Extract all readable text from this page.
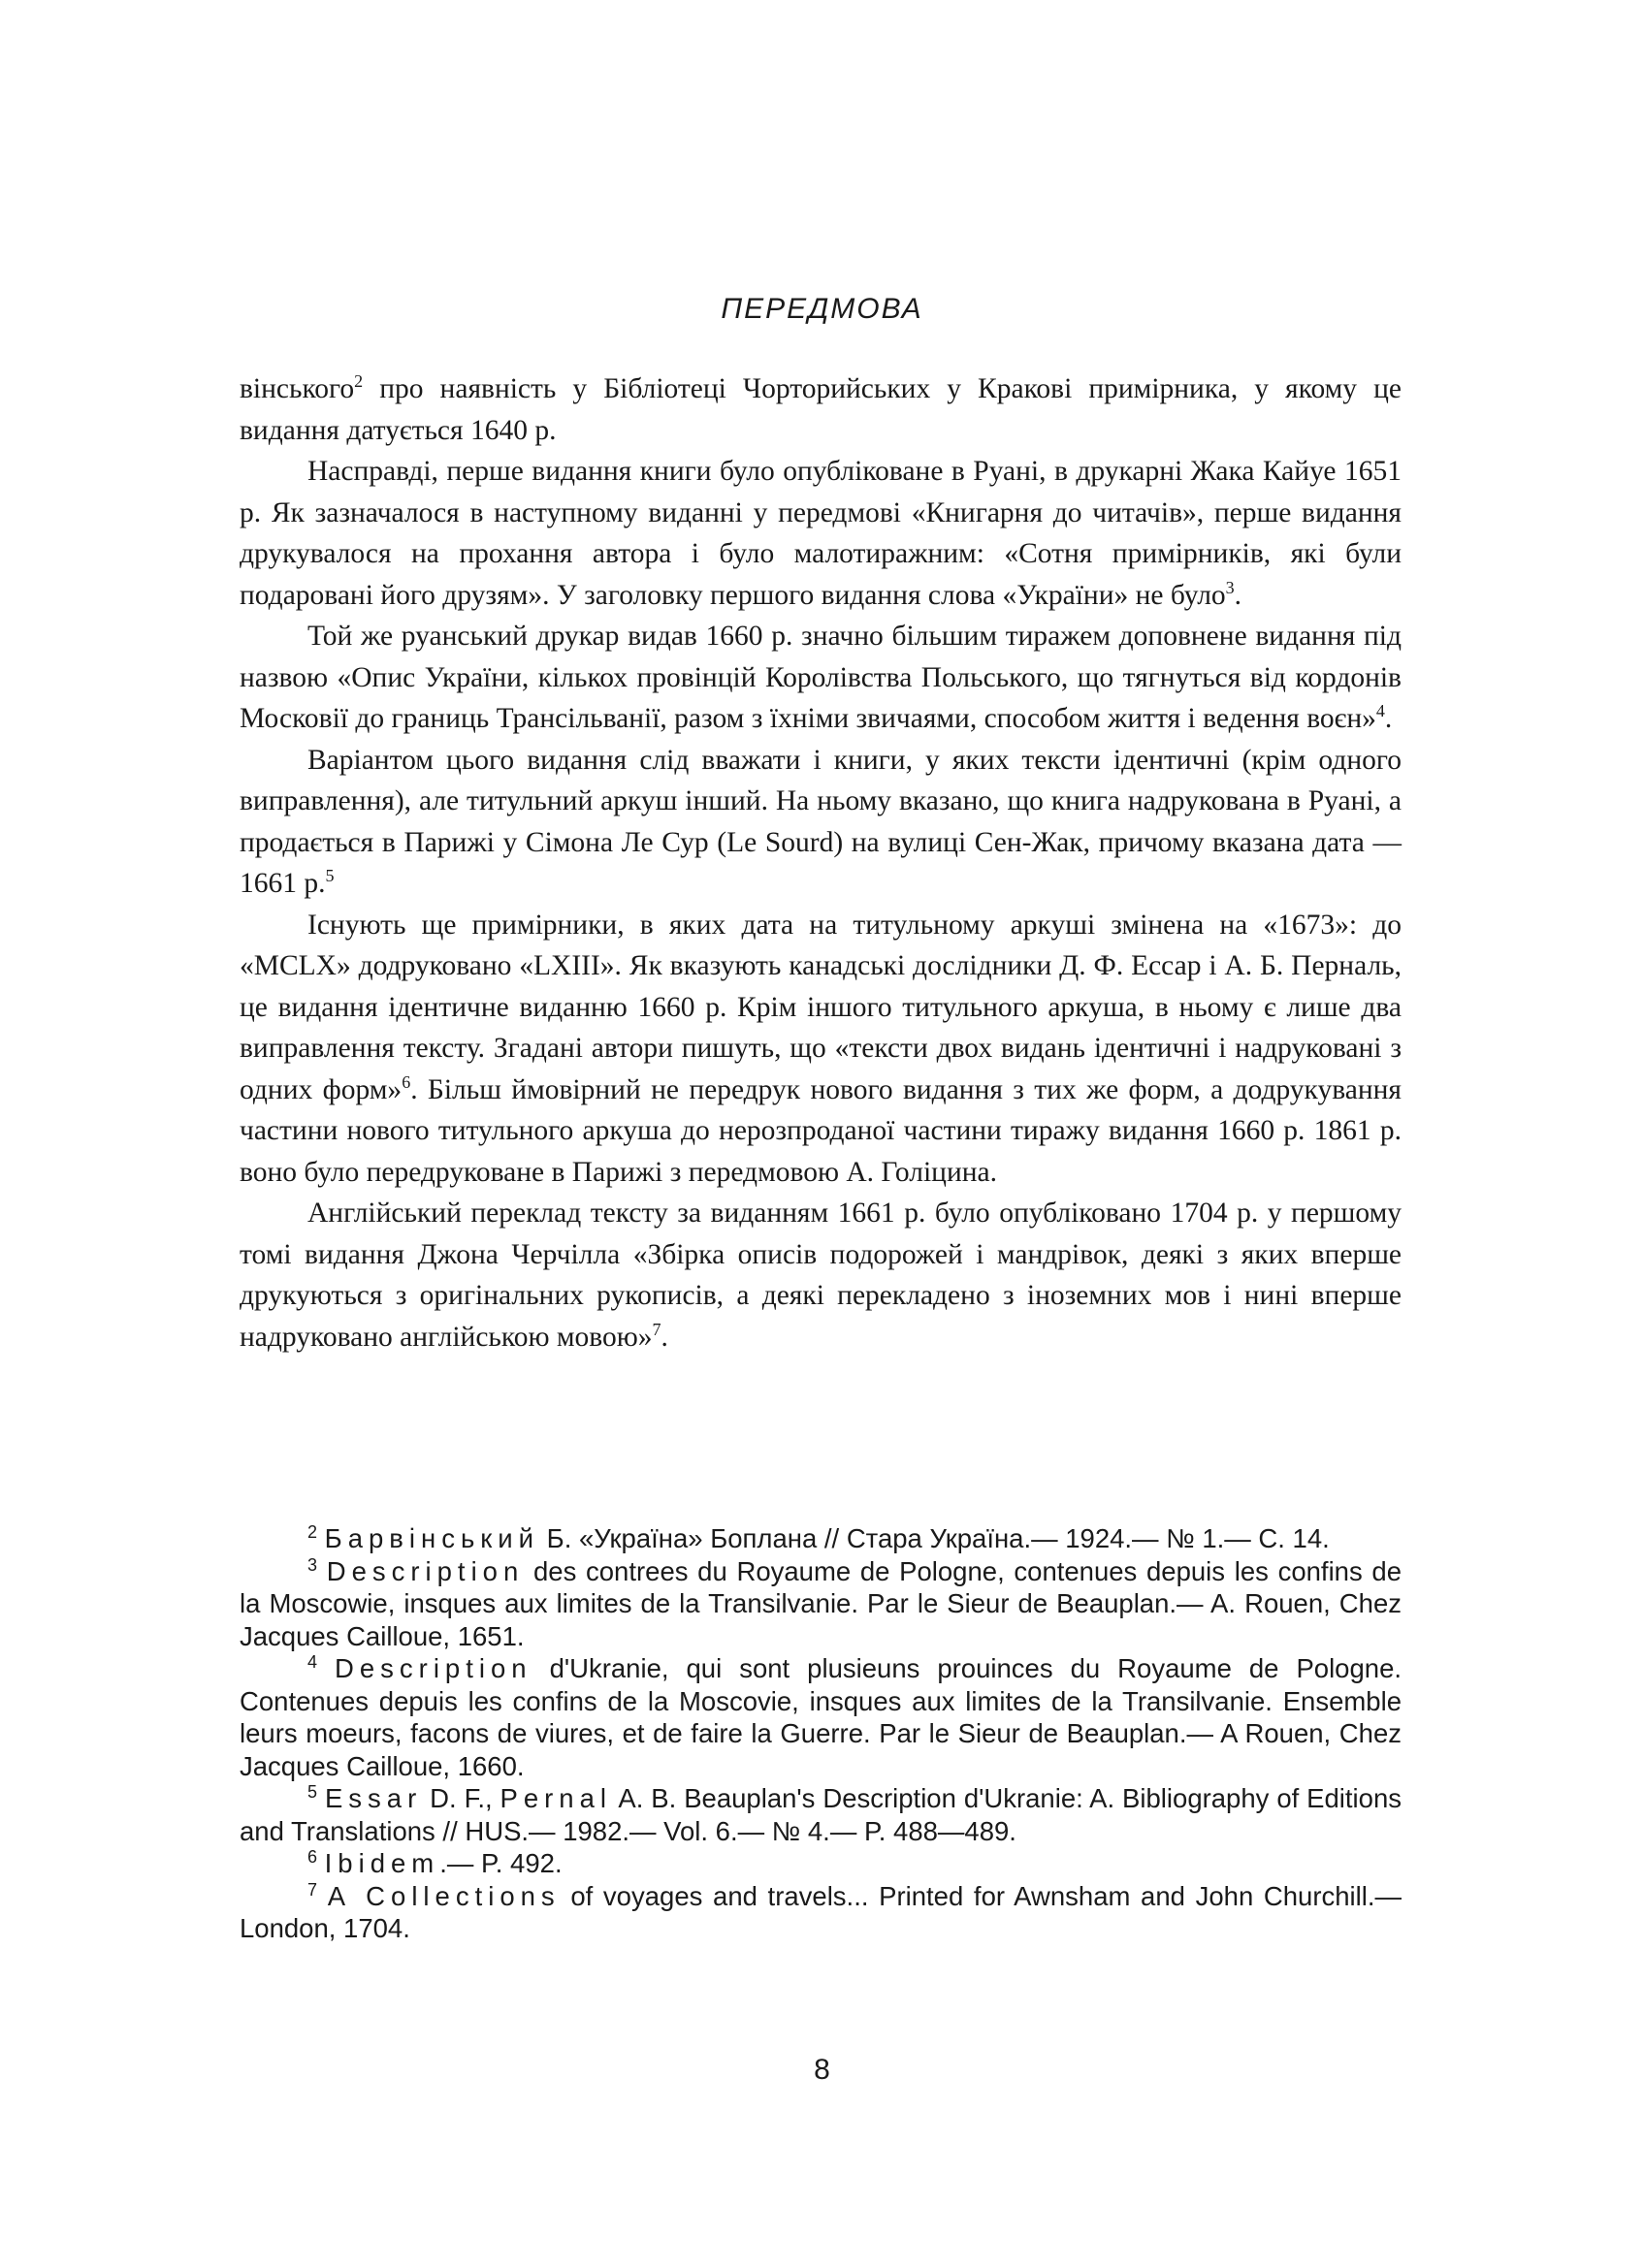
ПЕРЕДМОВА

вінського$^2$ про наявність у Бібліотеці Чорторийських у Кракові примірника, у якому це видання датується 1640 р.

Насправді, перше видання книги було опубліковане в Руані, в друкарні Жака Кайуе 1651 р. Як зазначалося в наступному виданні у передмові «Книгарня до читачів», перше видання друкувалося на прохання автора і було малотиражним: «Сотня примірників, які були подаровані його друзям». У заголовку першого видання слова «України» не було$^3$.

Той же руанський друкар видав 1660 р. значно більшим тиражем доповнене видання під назвою «Опис України, кількох провінцій Королівства Польського, що тягнуться від кордонів Московії до границь Трансільванії, разом з їхніми звичаями, способом життя і ведення воєн»$^4$.

Варіантом цього видання слід вважати і книги, у яких тексти ідентичні (крім одного виправлення), але титульний аркуш інший. На ньому вказано, що книга надрукована в Руані, а продається в Парижі у Сімона Ле Сур (Le Sourd) на вулиці Сен-Жак, причому вказана дата — 1661 р.$^5$

Існують ще примірники, в яких дата на титульному аркуші змінена на «1673»: до «MCLX» додруковано «LXIII». Як вказують канадські дослідники Д. Ф. Ессар і А. Б. Перналь, це видання ідентичне виданню 1660 р. Крім іншого титульного аркуша, в ньому є лише два виправлення тексту. Згадані автори пишуть, що «тексти двох видань ідентичні і надруковані з одних форм»$^6$. Більш ймовірний не передрук нового видання з тих же форм, а додрукування частини нового титульного аркуша до нерозпроданої частини тиражу видання 1660 р. 1861 р. воно було передруковане в Парижі з передмовою А. Голіцина.

Англійський переклад тексту за виданням 1661 р. було опубліковано 1704 р. у першому томі видання Джона Черчілла «Збірка описів подорожей і мандрівок, деякі з яких вперше друкуються з оригінальних рукописів, а деякі перекладено з іноземних мов і нині вперше надруковано англійською мовою»$^7$.

$^2$ Барвінський Б. «Україна» Боплана // Стара Україна.— 1924.— № 1.— С. 14.

$^3$ Description des contrees du Royaume de Pologne, contenues depuis les confins de la Moscowie, insques aux limites de la Transilvanie. Par le Sieur de Beauplan.— A. Rouen, Chez Jacques Cailloue, 1651.

$^4$ Description d'Ukranie, qui sont plusieuns prouinces du Royaume de Pologne. Contenues depuis les confins de la Moscovie, insques aux limites de la Transilvanie. Ensemble leurs moeurs, facons de viures, et de faire la Guerre. Par le Sieur de Beauplan.— A Rouen, Chez Jacques Cailloue, 1660.

$^5$ Essar D. F., Pernal A. B. Beauplan's Description d'Ukranie: A. Bibliography of Editions and Translations // HUS.— 1982.— Vol. 6.— № 4.— P. 488—489.

$^6$ Ibidem.— P. 492.

$^7$ A Collections of voyages and travels... Printed for Awnsham and John Churchill.— London, 1704.

8
